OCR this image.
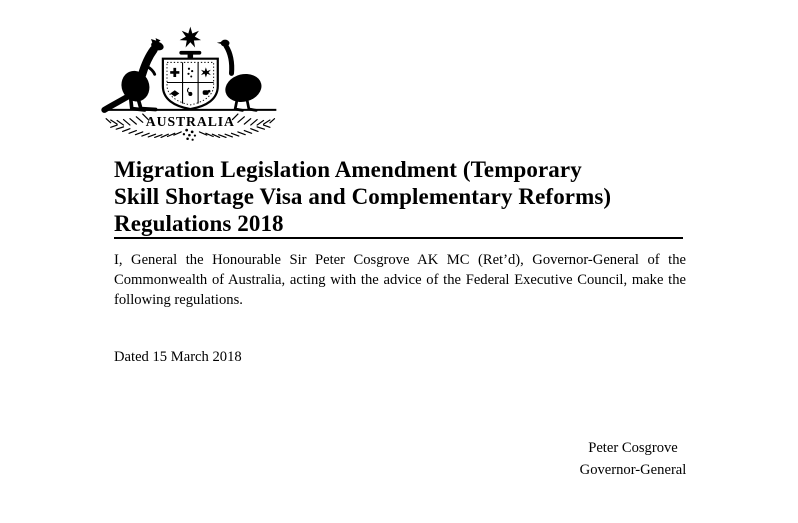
AUSTRALIA
Migration Legislation Amendment (Temporary
Skill Shortage Visa and Complementary Reforms)
Regulations 2018

I, General the Honourable Sir Peter Cosgrove AK MC (Ret’d), Governor-General of the Commonwealth of Australia, acting with the advice of the Federal Executive Council, make the following regulations.

Dated 15 March 2018

Peter Cosgrove
Governor-General
